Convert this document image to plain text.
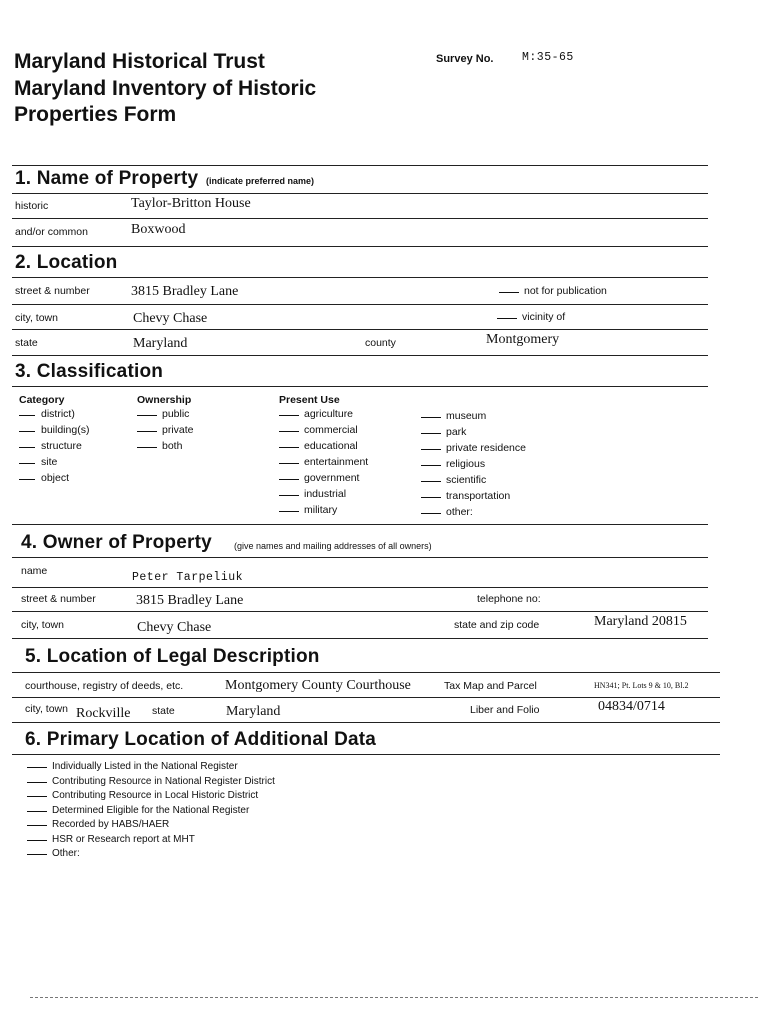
Maryland Historical Trust
Maryland Inventory of Historic
Properties Form
Survey No. M:35-65
1. Name of Property (indicate preferred name)
historic	Taylor-Britton House
and/or common	Boxwood
2. Location
street & number	3815 Bradley Lane	not for publication
city, town	Chevy Chase	vicinity of
state	Maryland	county	Montgomery
3. Classification
Category
district)
building(s)
structure
site
object
Ownership
public
private
both
Present Use
agriculture
commercial
educational
entertainment
government
industrial
military
museum
park
private residence
religious
scientific
transportation
other:
4. Owner of Property (give names and mailing addresses of all owners)
name	Peter Tarpeliuk
street & number	3815 Bradley Lane	telephone no:
city, town	Chevy Chase	state and zip code	Maryland 20815
5. Location of Legal Description
courthouse, registry of deeds, etc.	Montgomery County Courthouse	Tax Map and Parcel	HN341; Pt. Lots 9 & 10, Bl.2
city, town Rockville state	Maryland	Liber and Folio	04834/0714
6. Primary Location of Additional Data
Individually Listed in the National Register
Contributing Resource in National Register District
Contributing Resource in Local Historic District
Determined Eligible for the National Register
Recorded by HABS/HAER
HSR or Research report at MHT
Other:
